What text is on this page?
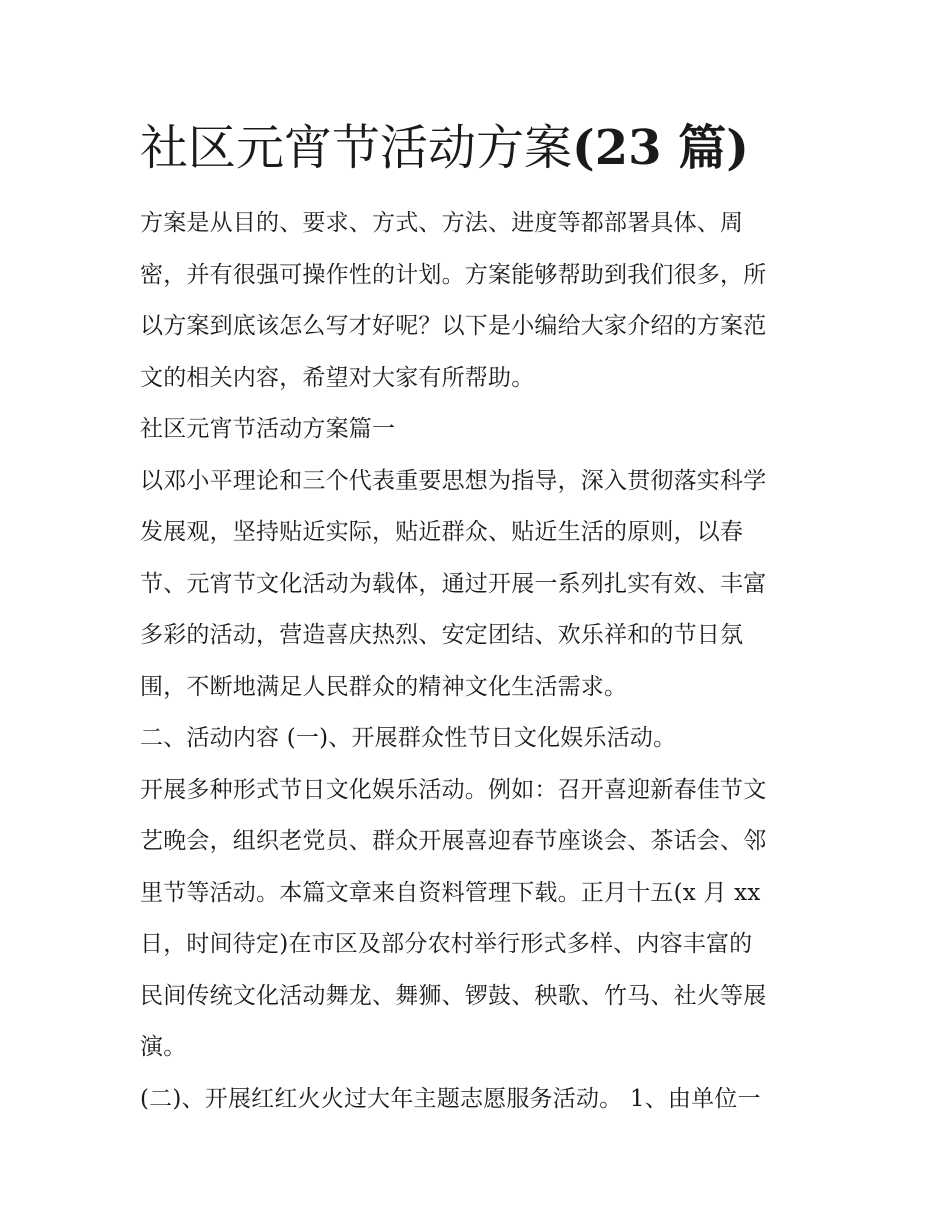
社区元宵节活动方案(23 篇)
方案是从目的、要求、方式、方法、进度等都部署具体、周
密，并有很强可操作性的计划。方案能够帮助到我们很多，所
以方案到底该怎么写才好呢？以下是小编给大家介绍的方案范
文的相关内容，希望对大家有所帮助。
社区元宵节活动方案篇一
以邓小平理论和三个代表重要思想为指导，深入贯彻落实科学
发展观，坚持贴近实际，贴近群众、贴近生活的原则，以春
节、元宵节文化活动为载体，通过开展一系列扎实有效、丰富
多彩的活动，营造喜庆热烈、安定团结、欢乐祥和的节日氛
围，不断地满足人民群众的精神文化生活需求。
二、活动内容 (一)、开展群众性节日文化娱乐活动。
开展多种形式节日文化娱乐活动。例如：召开喜迎新春佳节文
艺晚会，组织老党员、群众开展喜迎春节座谈会、茶话会、邻
里节等活动。本篇文章来自资料管理下载。正月十五(x 月 xx
日，时间待定)在市区及部分农村举行形式多样、内容丰富的
民间传统文化活动舞龙、舞狮、锣鼓、秧歌、竹马、社火等展
演。
(二)、开展红红火火过大年主题志愿服务活动。 1、由单位一
